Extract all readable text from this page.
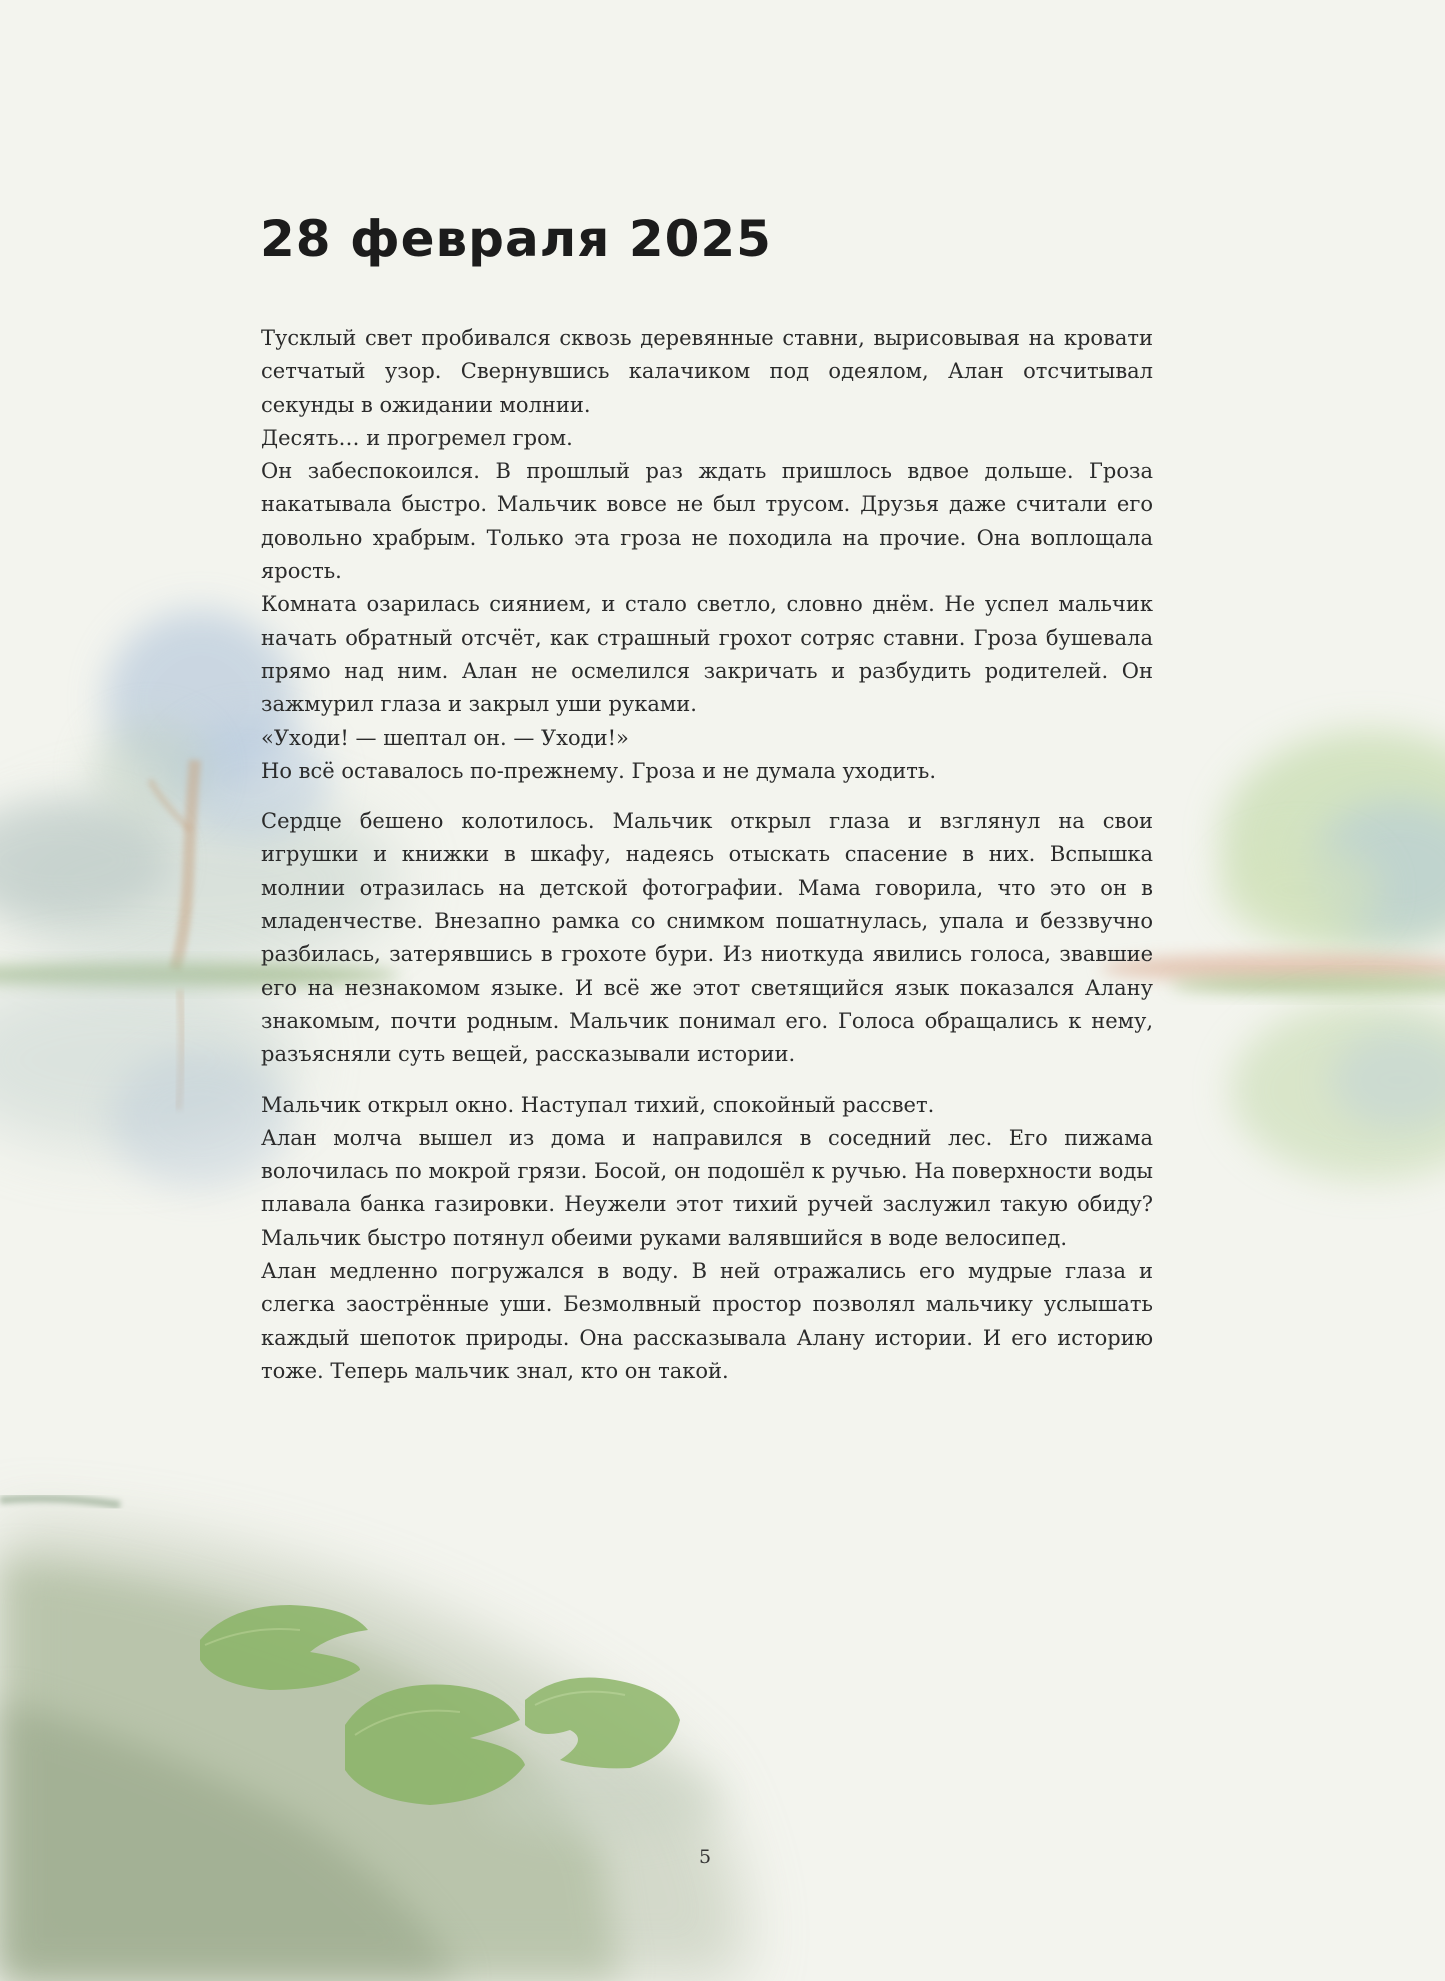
28 февраля 2025

Тусклый свет пробивался сквозь деревянные ставни, вырисовывая на кровати сетчатый узор. Свернувшись калачиком под одеялом, Алан отсчитывал секунды в ожидании молнии.

Десять… и прогремел гром.

Он забеспокоился. В прошлый раз ждать пришлось вдвое дольше. Гроза накатывала быстро. Мальчик вовсе не был трусом. Друзья даже считали его довольно храбрым. Только эта гроза не походила на прочие. Она воплощала ярость.

Комната озарилась сиянием, и стало светло, словно днём. Не успел мальчик начать обратный отсчёт, как страшный грохот сотряс ставни. Гроза бушевала прямо над ним. Алан не осмелился закричать и разбудить родителей. Он зажмурил глаза и закрыл уши руками.

«Уходи! — шептал он. — Уходи!»

Но всё оставалось по-прежнему. Гроза и не думала уходить.

Сердце бешено колотилось. Мальчик открыл глаза и взглянул на свои игрушки и книжки в шкафу, надеясь отыскать спасение в них. Вспышка молнии отразилась на детской фотографии. Мама говорила, что это он в младенчестве. Внезапно рамка со снимком пошатнулась, упала и беззвучно разбилась, затерявшись в грохоте бури. Из ниоткуда явились голоса, звавшие его на незнакомом языке. И всё же этот светящийся язык показался Алану знакомым, почти родным. Мальчик понимал его. Голоса обращались к нему, разъясняли суть вещей, рассказывали истории.

Мальчик открыл окно. Наступал тихий, спокойный рассвет.

Алан молча вышел из дома и направился в соседний лес. Его пижама волочилась по мокрой грязи. Босой, он подошёл к ручью. На поверхности воды плавала банка газировки. Неужели этот тихий ручей заслужил такую обиду? Мальчик быстро потянул обеими руками валявшийся в воде велосипед.

Алан медленно погружался в воду. В ней отражались его мудрые глаза и слегка заострённые уши. Безмолвный простор позволял мальчику услышать каждый шепоток природы. Она рассказывала Алану истории. И его историю тоже. Теперь мальчик знал, кто он такой.

5
